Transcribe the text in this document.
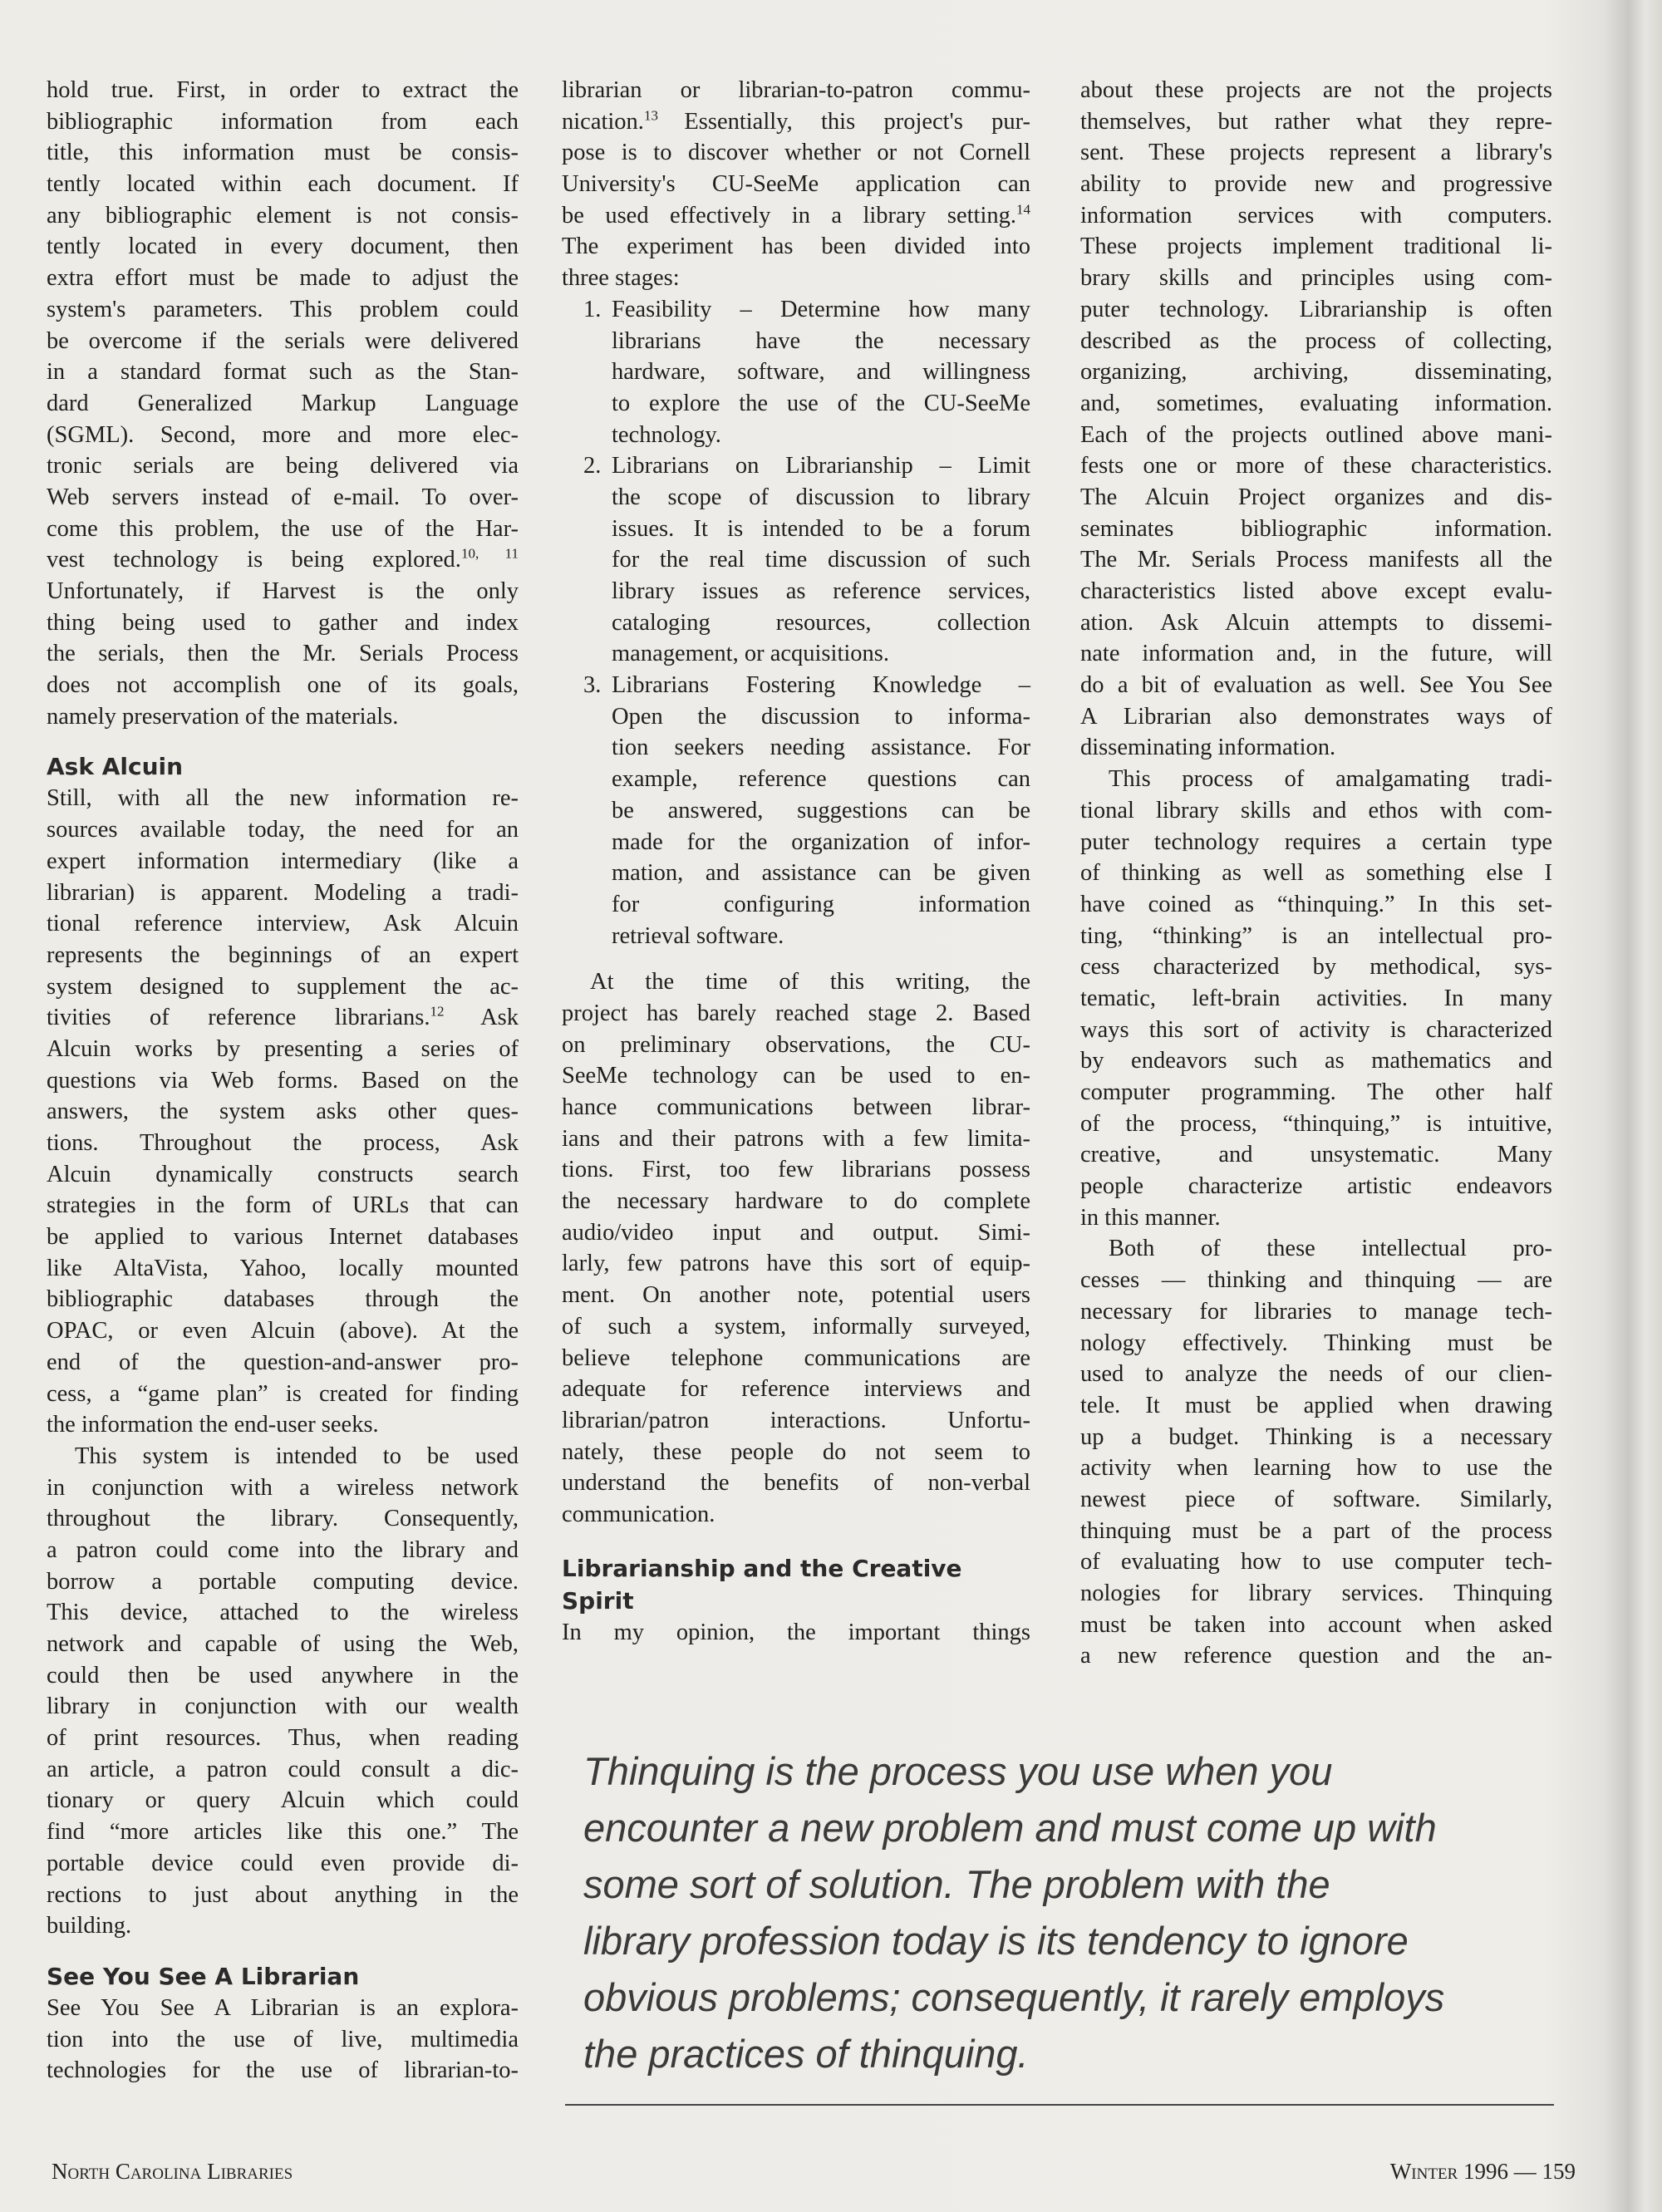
hold true. First, in order to extract the
bibliographic information from each
title, this information must be consis-
tently located within each document. If
any bibliographic element is not consis-
tently located in every document, then
extra effort must be made to adjust the
system's parameters. This problem could
be overcome if the serials were delivered
in a standard format such as the Stan-
dard Generalized Markup Language
(SGML). Second, more and more elec-
tronic serials are being delivered via
Web servers instead of e-mail. To over-
come this problem, the use of the Har-
vest technology is being explored.$^{10, 11}$
Unfortunately, if Harvest is the only
thing being used to gather and index
the serials, then the Mr. Serials Process
does not accomplish one of its goals,
namely preservation of the materials.
Ask Alcuin
Still, with all the new information re-
sources available today, the need for an
expert information intermediary (like a
librarian) is apparent. Modeling a tradi-
tional reference interview, Ask Alcuin
represents the beginnings of an expert
system designed to supplement the ac-
tivities of reference librarians.$^{12}$ Ask
Alcuin works by presenting a series of
questions via Web forms. Based on the
answers, the system asks other ques-
tions. Throughout the process, Ask
Alcuin dynamically constructs search
strategies in the form of URLs that can
be applied to various Internet databases
like AltaVista, Yahoo, locally mounted
bibliographic databases through the
OPAC, or even Alcuin (above). At the
end of the question-and-answer pro-
cess, a “game plan” is created for finding
the information the end-user seeks.
This system is intended to be used
in conjunction with a wireless network
throughout the library. Consequently,
a patron could come into the library and
borrow a portable computing device.
This device, attached to the wireless
network and capable of using the Web,
could then be used anywhere in the
library in conjunction with our wealth
of print resources. Thus, when reading
an article, a patron could consult a dic-
tionary or query Alcuin which could
find “more articles like this one.” The
portable device could even provide di-
rections to just about anything in the
building.
See You See A Librarian
See You See A Librarian is an explora-
tion into the use of live, multimedia
technologies for the use of librarian-to-
librarian or librarian-to-patron commu-
nication.$^{13}$ Essentially, this project's pur-
pose is to discover whether or not Cornell
University's CU-SeeMe application can
be used effectively in a library setting.$^{14}$
The experiment has been divided into
three stages:
1. Feasibility – Determine how many
librarians have the necessary
hardware, software, and willingness
to explore the use of the CU-SeeMe
technology.
2. Librarians on Librarianship – Limit
the scope of discussion to library
issues. It is intended to be a forum
for the real time discussion of such
library issues as reference services,
cataloging resources, collection
management, or acquisitions.
3. Librarians Fostering Knowledge –
Open the discussion to informa-
tion seekers needing assistance. For
example, reference questions can
be answered, suggestions can be
made for the organization of infor-
mation, and assistance can be given
for configuring information
retrieval software.
At the time of this writing, the
project has barely reached stage 2. Based
on preliminary observations, the CU-
SeeMe technology can be used to en-
hance communications between librar-
ians and their patrons with a few limita-
tions. First, too few librarians possess
the necessary hardware to do complete
audio/video input and output. Simi-
larly, few patrons have this sort of equip-
ment. On another note, potential users
of such a system, informally surveyed,
believe telephone communications are
adequate for reference interviews and
librarian/patron interactions. Unfortu-
nately, these people do not seem to
understand the benefits of non-verbal
communication.
Librarianship and the Creative
Spirit
In my opinion, the important things
about these projects are not the projects
themselves, but rather what they repre-
sent. These projects represent a library's
ability to provide new and progressive
information services with computers.
These projects implement traditional li-
brary skills and principles using com-
puter technology. Librarianship is often
described as the process of collecting,
organizing, archiving, disseminating,
and, sometimes, evaluating information.
Each of the projects outlined above mani-
fests one or more of these characteristics.
The Alcuin Project organizes and dis-
seminates bibliographic information.
The Mr. Serials Process manifests all the
characteristics listed above except evalu-
ation. Ask Alcuin attempts to dissemi-
nate information and, in the future, will
do a bit of evaluation as well. See You See
A Librarian also demonstrates ways of
disseminating information.
This process of amalgamating tradi-
tional library skills and ethos with com-
puter technology requires a certain type
of thinking as well as something else I
have coined as “thinquing.” In this set-
ting, “thinking” is an intellectual pro-
cess characterized by methodical, sys-
tematic, left-brain activities. In many
ways this sort of activity is characterized
by endeavors such as mathematics and
computer programming. The other half
of the process, “thinquing,” is intuitive,
creative, and unsystematic. Many
people characterize artistic endeavors
in this manner.
Both of these intellectual pro-
cesses — thinking and thinquing — are
necessary for libraries to manage tech-
nology effectively. Thinking must be
used to analyze the needs of our clien-
tele. It must be applied when drawing
up a budget. Thinking is a necessary
activity when learning how to use the
newest piece of software. Similarly,
thinquing must be a part of the process
of evaluating how to use computer tech-
nologies for library services. Thinquing
must be taken into account when asked
a new reference question and the an-
Thinquing is the process you use when you
encounter a new problem and must come up with
some sort of solution. The problem with the
library profession today is its tendency to ignore
obvious problems; consequently, it rarely employs
the practices of thinquing.
North Carolina Libraries	Winter 1996 — 159
